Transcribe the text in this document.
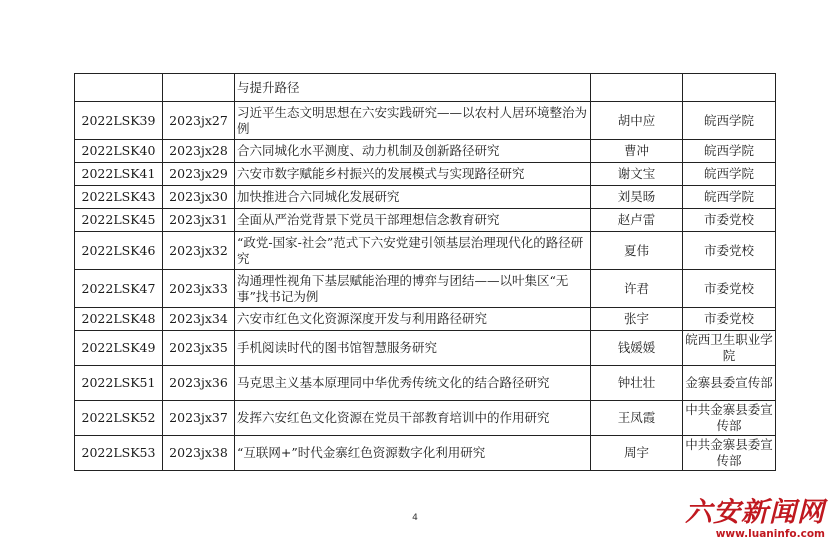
		与提升路径		
2022LSK39	2023jx27	习近平生态文明思想在六安实践研究——以农村人居环境整治为例	胡中应	皖西学院
2022LSK40	2023jx28	合六同城化水平测度、动力机制及创新路径研究	曹冲	皖西学院
2022LSK41	2023jx29	六安市数字赋能乡村振兴的发展模式与实现路径研究	谢文宝	皖西学院
2022LSK43	2023jx30	加快推进合六同城化发展研究	刘昊旸	皖西学院
2022LSK45	2023jx31	全面从严治党背景下党员干部理想信念教育研究	赵卢雷	市委党校
2022LSK46	2023jx32	“政党-国家-社会”范式下六安党建引领基层治理现代化的路径研究	夏伟	市委党校
2022LSK47	2023jx33	沟通理性视角下基层赋能治理的博弈与团结——以叶集区“无事”找书记为例	许君	市委党校
2022LSK48	2023jx34	六安市红色文化资源深度开发与利用路径研究	张宇	市委党校
2022LSK49	2023jx35	手机阅读时代的图书馆智慧服务研究	钱媛媛	皖西卫生职业学院
2022LSK51	2023jx36	马克思主义基本原理同中华优秀传统文化的结合路径研究	钟壮壮	金寨县委宣传部
2022LSK52	2023jx37	发挥六安红色文化资源在党员干部教育培训中的作用研究	王凤霞	中共金寨县委宣传部
2022LSK53	2023jx38	“互联网+”时代金寨红色资源数字化利用研究	周宇	中共金寨县委宣传部
4	六安新闻网
www.luaninfo.com
